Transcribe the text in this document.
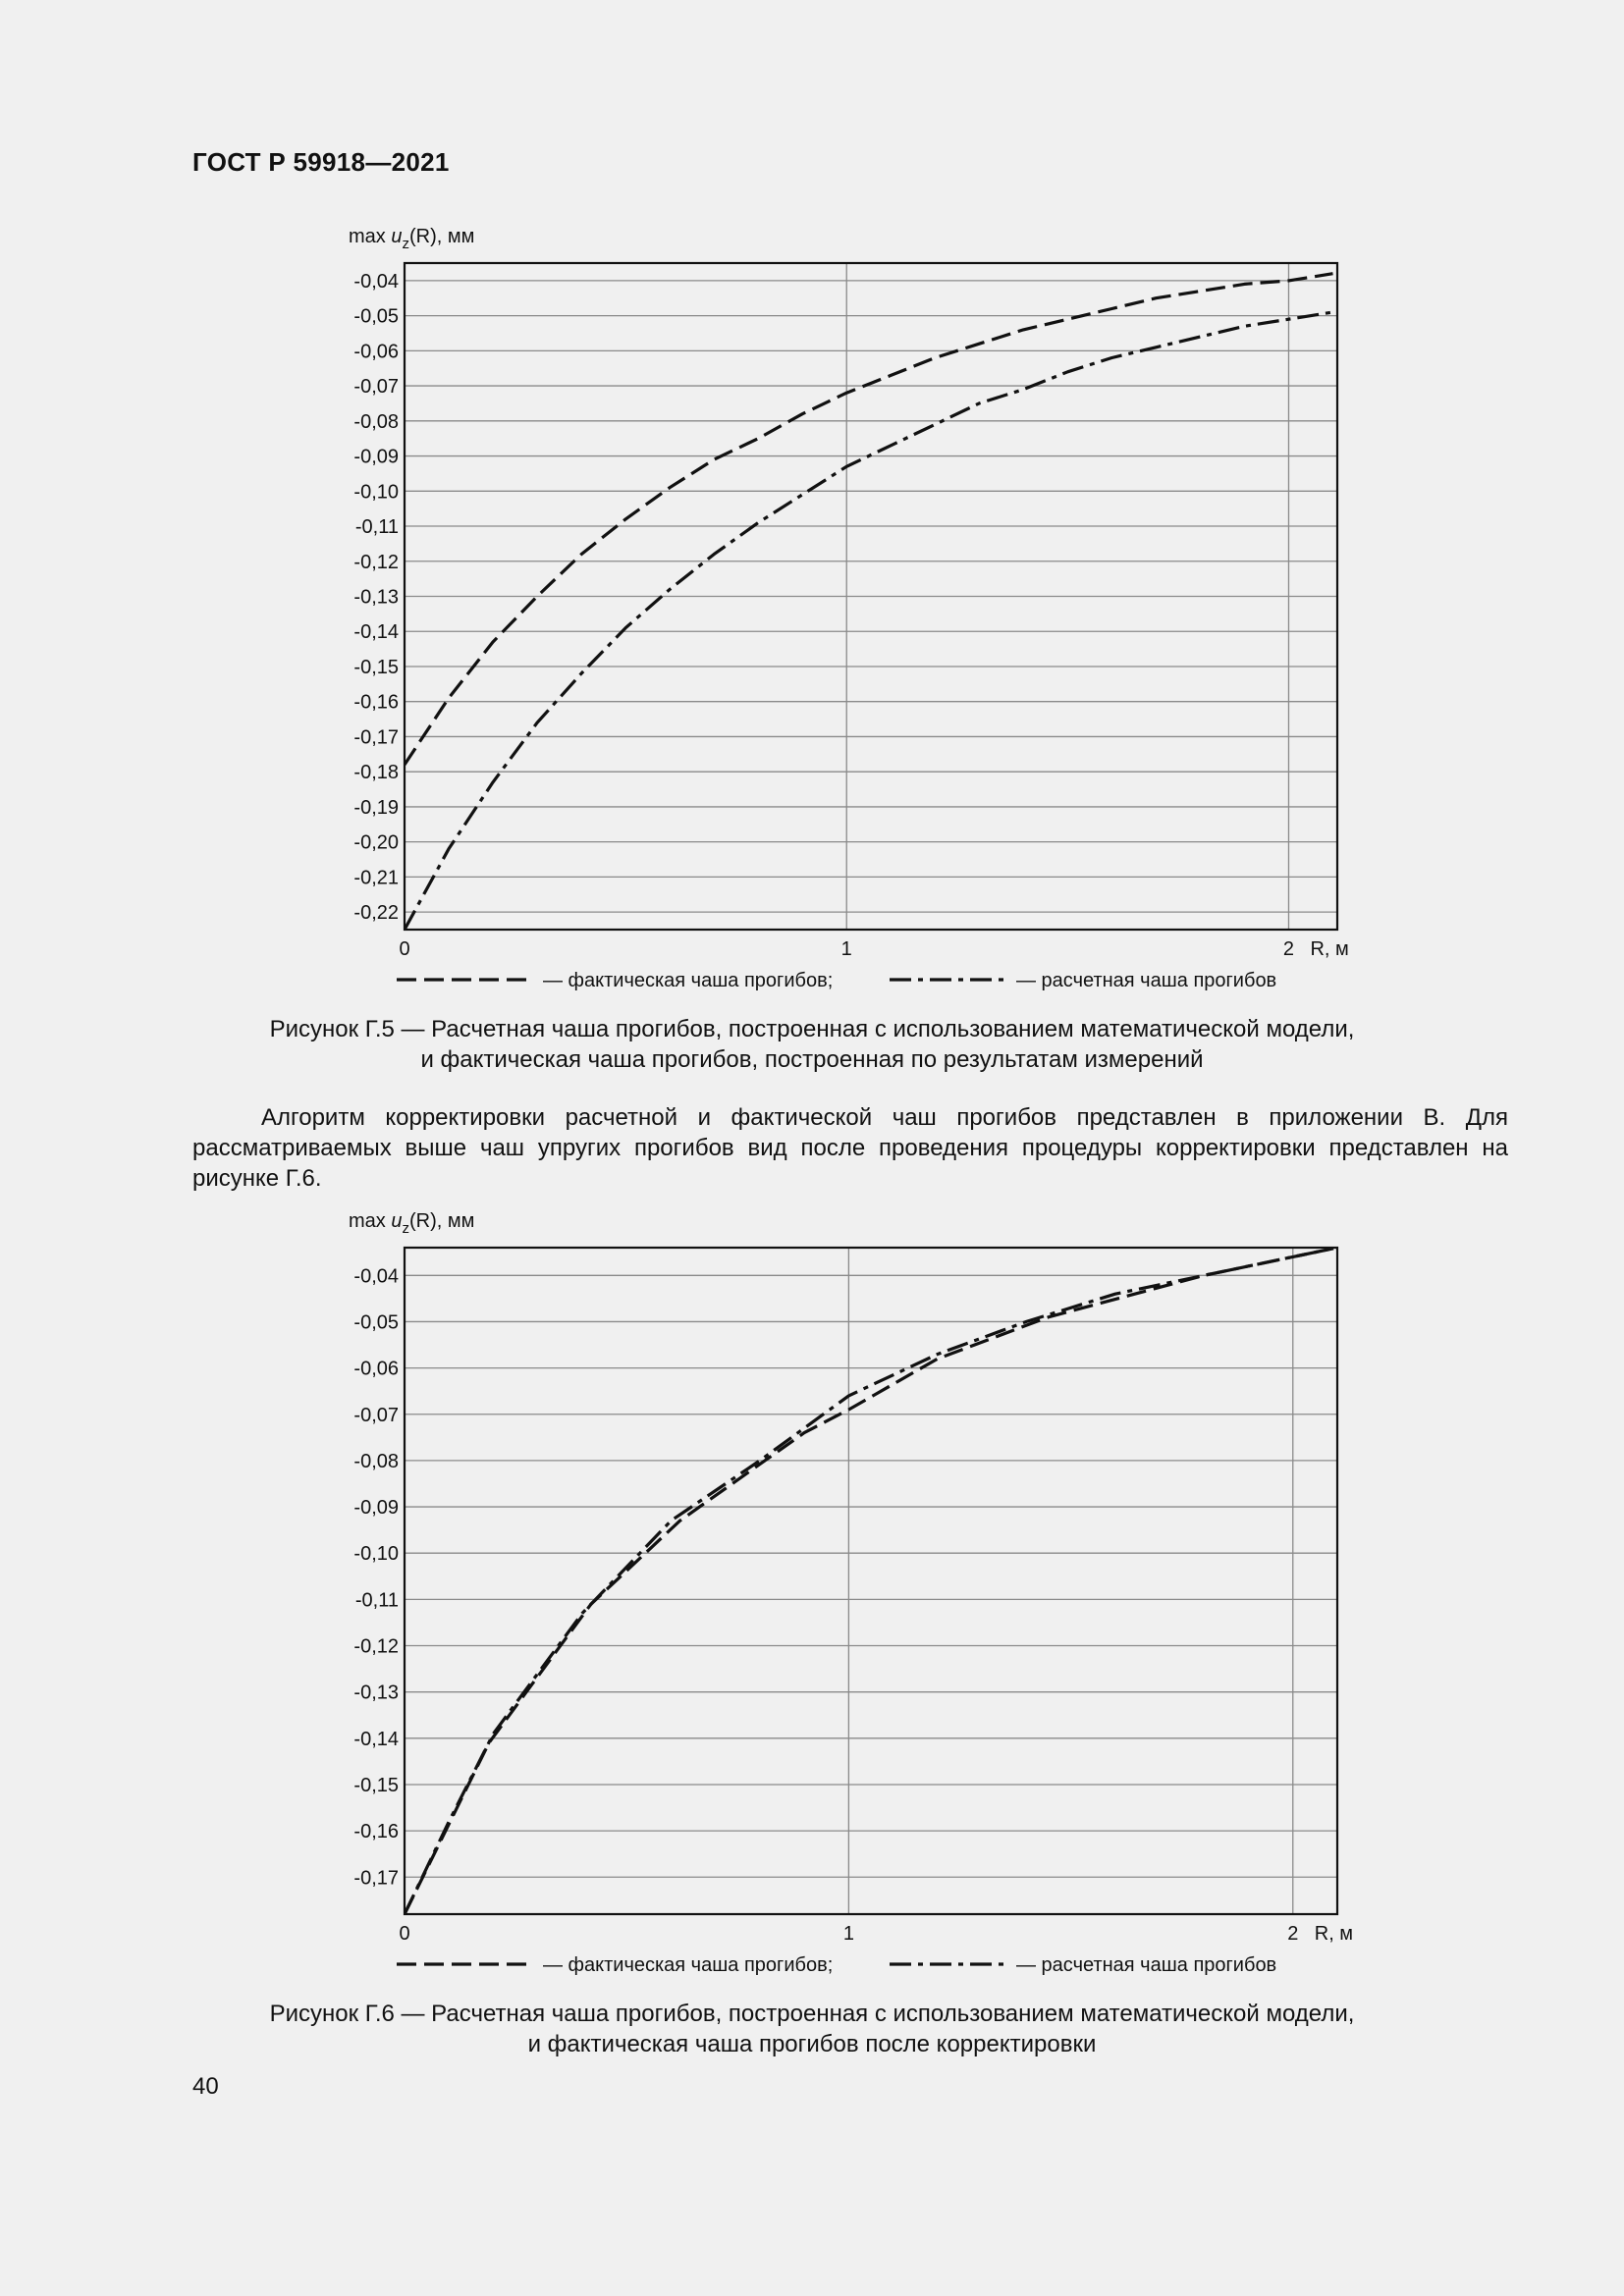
ГОСТ Р 59918—2021
-0,04
-0,05
-0,06
-0,07
-0,08
-0,09
-0,10
-0,11
-0,12
-0,13
-0,14
-0,15
-0,16
-0,17
-0,18
-0,19
-0,20
-0,21
-0,22
0	1	2 R, м
$\max u_z(R)$, мм
— фактическая чаша прогибов;	— расчетная чаша прогибов
Рисунок Г.5 — Расчетная чаша прогибов, построенная с использованием математической модели,
и фактическая чаша прогибов, построенная по результатам измерений
Алгоритм корректировки расчетной и фактической чаш прогибов представлен в приложении В. Для рассматриваемых выше чаш упругих прогибов вид после проведения процедуры корректировки представлен на рисунке Г.6.
-0,04
-0,05
-0,06
-0,07
-0,08
-0,09
-0,10
-0,11
-0,12
-0,13
-0,14
-0,15
-0,16
-0,17
0	1	2 R, м
$\max u_z(R)$, мм
— фактическая чаша прогибов;	— расчетная чаша прогибов
Рисунок Г.6 — Расчетная чаша прогибов, построенная с использованием математической модели,
и фактическая чаша прогибов после корректировки
40
